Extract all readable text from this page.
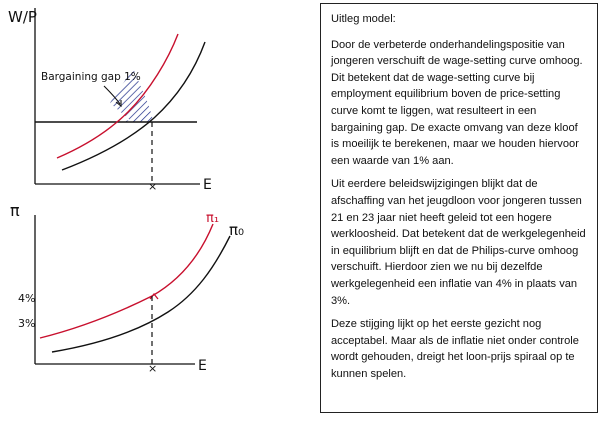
W/P
E
×
Bargaining gap 1%
π
E
π₁
π₀
4%
3%
×

Uitleg model:

Door de verbeterde onderhandelingspositie van jongeren verschuift de wage-setting curve omhoog. Dit betekent dat de wage-setting curve bij employment equilibrium boven de price-setting curve komt te liggen, wat resulteert in een bargaining gap. De exacte omvang van deze kloof is moeilijk te berekenen, maar we houden hiervoor een waarde van 1% aan.

Uit eerdere beleidswijzigingen blijkt dat de afschaffing van het jeugdloon voor jongeren tussen 21 en 23 jaar niet heeft geleid tot een hogere werkloosheid. Dat betekent dat de werkgelegenheid in equilibrium blijft en dat de Philips-curve omhoog verschuift. Hierdoor zien we nu bij dezelfde werkgelegenheid een inflatie van 4% in plaats van 3%.

Deze stijging lijkt op het eerste gezicht nog acceptabel. Maar als de inflatie niet onder controle wordt gehouden, dreigt het loon-prijs spiraal op te kunnen spelen.
